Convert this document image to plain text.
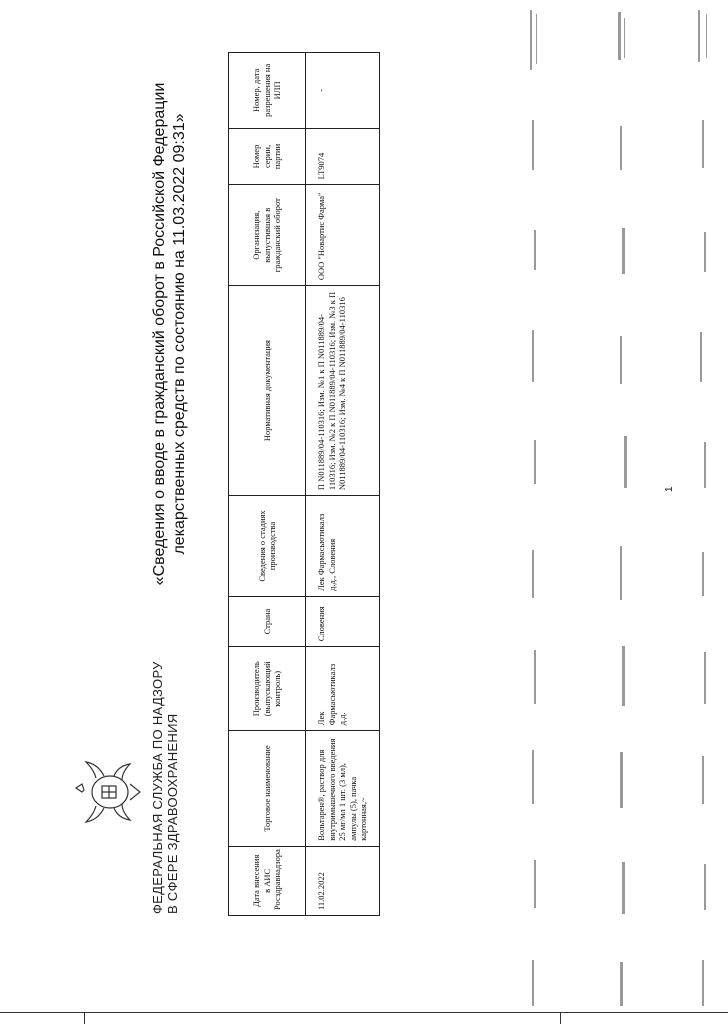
ФЕДЕРАЛЬНАЯ СЛУЖБА ПО НАДЗОРУ В СФЕРЕ ЗДРАВООХРАНЕНИЯ
«Сведения о вводе в гражданский оборот в Российской Федерации лекарственных средств по состоянию на 11.03.2022 09:31»
Дата внесения в АИС Росздравнадзора	Торговое наименование	Производитель (выпускающий контроль)	Страна	Сведения о стадиях производства	Нормативная документация	Организация, выпустившая в гражданский оборот	Номер серии, партии	Номер, дата разрешения на ИЛП
11.02.2022	Вольтарен®, раствор для внутримышечного введения 25 мг/мл 1 шт. (3 мл), ампулы (5), пачка картонная,~	Лек Фармасьютикалз д.д.	Словения	Лек Фармасьютикалз д.д., Словения	П N011889/04-110316; Изм. №1 к П N011889/04-110316; Изм. №2 к П N011889/04-110316; Изм. №3 к П N011889/04-110316; Изм. №4 к П N011889/04-110316	ООО "Новартис Фарма"	LT9074	-
1
